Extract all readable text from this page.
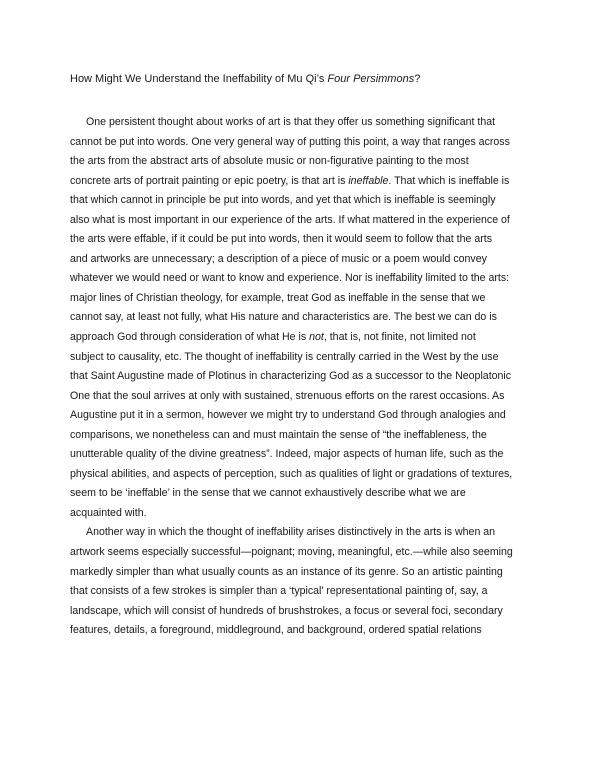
How Might We Understand the Ineffability of Mu Qi’s Four Persimmons?
One persistent thought about works of art is that they offer us something significant that
cannot be put into words. One very general way of putting this point, a way that ranges across
the arts from the abstract arts of absolute music or non-figurative painting to the most
concrete arts of portrait painting or epic poetry, is that art is ineffable. That which is ineffable is
that which cannot in principle be put into words, and yet that which is ineffable is seemingly
also what is most important in our experience of the arts. If what mattered in the experience of
the arts were effable, if it could be put into words, then it would seem to follow that the arts
and artworks are unnecessary; a description of a piece of music or a poem would convey
whatever we would need or want to know and experience. Nor is ineffability limited to the arts:
major lines of Christian theology, for example, treat God as ineffable in the sense that we
cannot say, at least not fully, what His nature and characteristics are. The best we can do is
approach God through consideration of what He is not, that is, not finite, not limited not
subject to causality, etc. The thought of ineffability is centrally carried in the West by the use
that Saint Augustine made of Plotinus in characterizing God as a successor to the Neoplatonic
One that the soul arrives at only with sustained, strenuous efforts on the rarest occasions. As
Augustine put it in a sermon, however we might try to understand God through analogies and
comparisons, we nonetheless can and must maintain the sense of “the ineffableness, the
unutterable quality of the divine greatness”. Indeed, major aspects of human life, such as the
physical abilities, and aspects of perception, such as qualities of light or gradations of textures,
seem to be ‘ineffable’ in the sense that we cannot exhaustively describe what we are
acquainted with.
Another way in which the thought of ineffability arises distinctively in the arts is when an
artwork seems especially successful—poignant; moving, meaningful, etc.—while also seeming
markedly simpler than what usually counts as an instance of its genre. So an artistic painting
that consists of a few strokes is simpler than a ‘typical’ representational painting of, say, a
landscape, which will consist of hundreds of brushstrokes, a focus or several foci, secondary
features, details, a foreground, middleground, and background, ordered spatial relations
